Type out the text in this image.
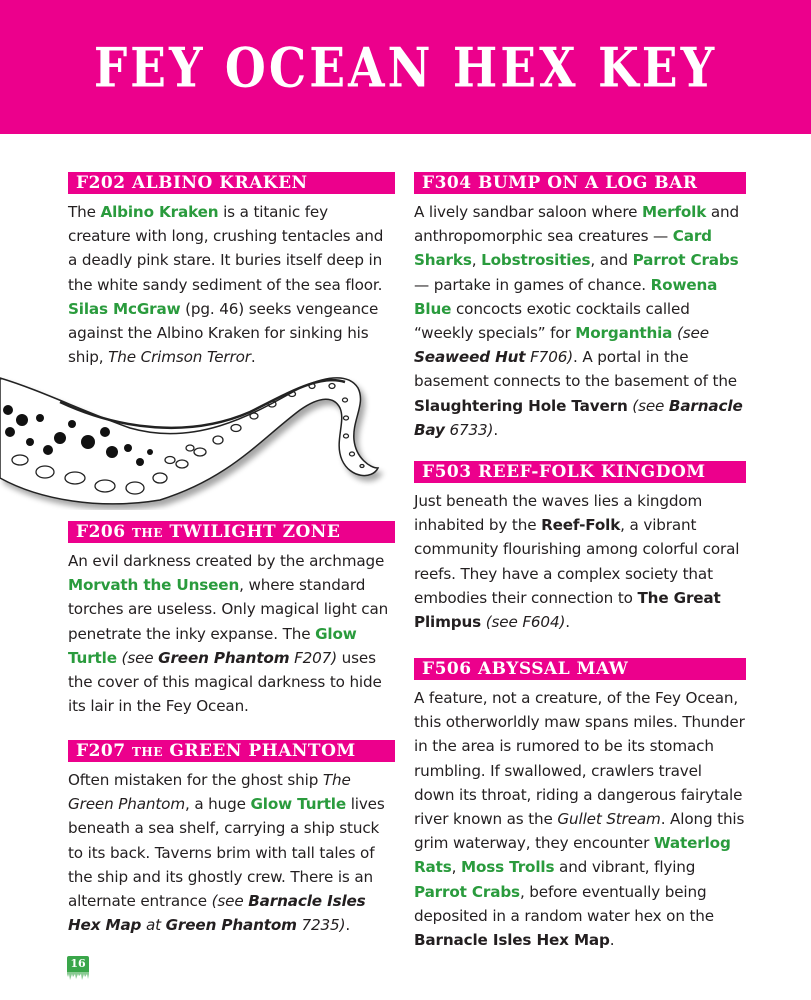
FEY OCEAN HEX KEY
F202 ALBINO KRAKEN
The Albino Kraken is a titanic fey creature with long, crushing tentacles and a deadly pink stare. It buries itself deep in the white sandy sediment of the sea floor. Silas McGraw (pg. 46) seeks vengeance against the Albino Kraken for sinking his ship, The Crimson Terror.
F206 THE TWILIGHT ZONE
An evil darkness created by the archmage Morvath the Unseen, where standard torches are useless. Only magical light can penetrate the inky expanse. The Glow Turtle (see Green Phantom F207) uses the cover of this magical darkness to hide its lair in the Fey Ocean.
F207 THE GREEN PHANTOM
Often mistaken for the ghost ship The Green Phantom, a huge Glow Turtle lives beneath a sea shelf, carrying a ship stuck to its back. Taverns brim with tall tales of the ship and its ghostly crew. There is an alternate entrance (see Barnacle Isles Hex Map at Green Phantom 7235).
F304 BUMP ON A LOG BAR
A lively sandbar saloon where Merfolk and anthropomorphic sea creatures — Card Sharks, Lobstrosities, and Parrot Crabs — partake in games of chance. Rowena Blue concocts exotic cocktails called “weekly specials” for Morganthia (see Seaweed Hut F706). A portal in the basement connects to the basement of the Slaughtering Hole Tavern (see Barnacle Bay 6733).
F503 REEF-FOLK KINGDOM
Just beneath the waves lies a kingdom inhabited by the Reef-Folk, a vibrant community flourishing among colorful coral reefs. They have a complex society that embodies their connection to The Great Plimpus (see F604).
F506 ABYSSAL MAW
A feature, not a creature, of the Fey Ocean, this otherworldly maw spans miles. Thunder in the area is rumored to be its stomach rumbling. If swallowed, crawlers travel down its throat, riding a dangerous fairytale river known as the Gullet Stream. Along this grim waterway, they encounter Waterlog Rats, Moss Trolls and vibrant, flying Parrot Crabs, before eventually being deposited in a random water hex on the Barnacle Isles Hex Map.
16
